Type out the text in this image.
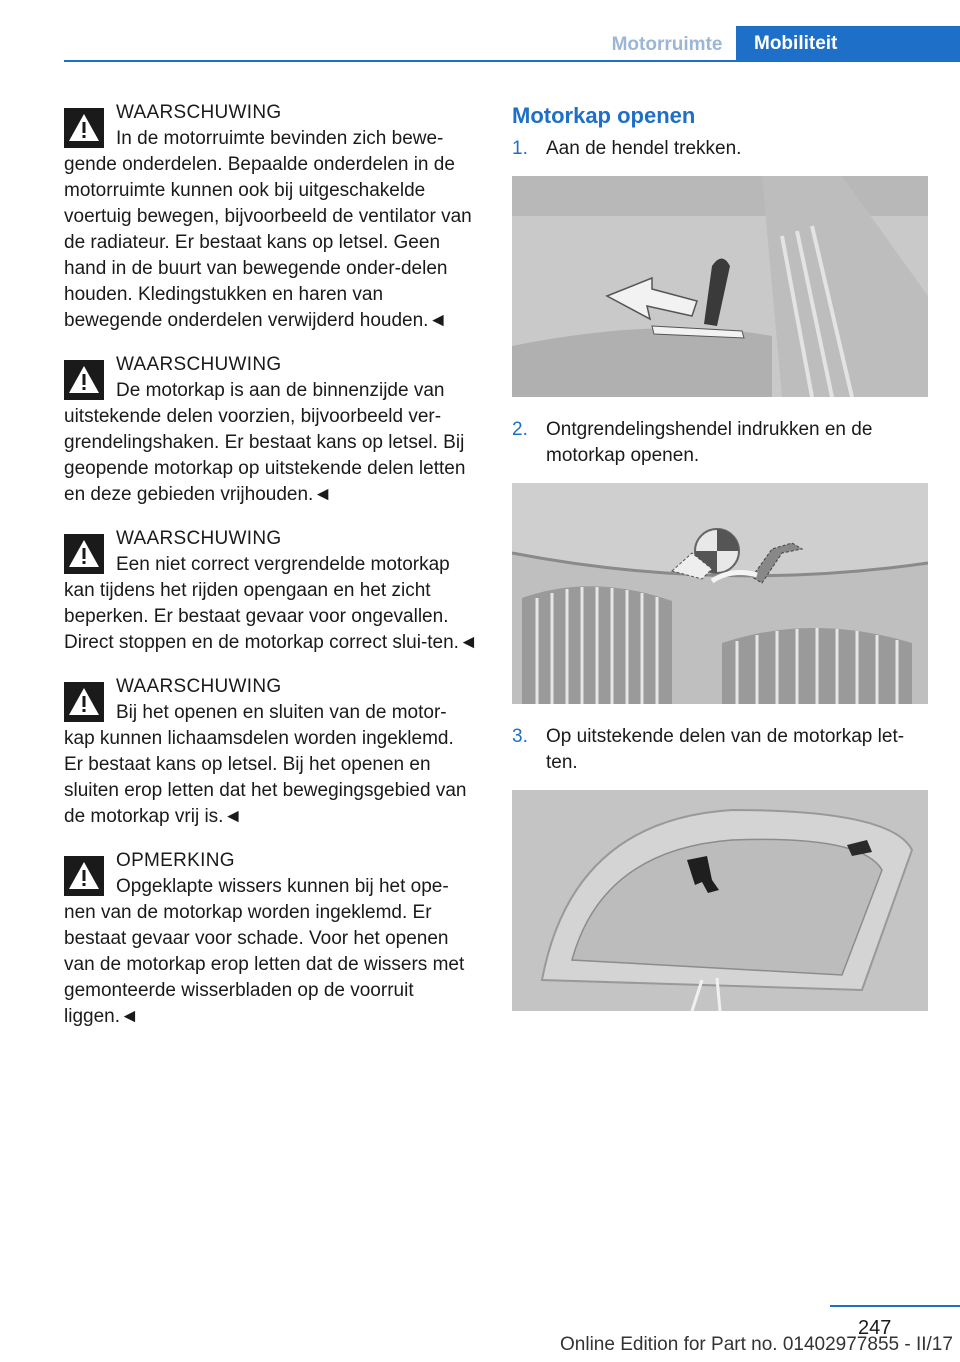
Motorruimte	Mobiliteit
WAARSCHUWING
In de motorruimte bevinden zich bewe- gende onderdelen. Bepaalde onderdelen in de motorruimte kunnen ook bij uitgeschakelde voertuig bewegen, bijvoorbeeld de ventilator van de radiateur. Er bestaat kans op letsel. Geen hand in de buurt van bewegende onder-delen houden. Kledingstukken en haren van bewegende onderdelen verwijderd houden.◄
WAARSCHUWING
De motorkap is aan de binnenzijde van uitstekende delen voorzien, bijvoorbeeld ver-grendelingshaken. Er bestaat kans op letsel. Bij geopende motorkap op uitstekende delen letten en deze gebieden vrijhouden.◄
WAARSCHUWING
Een niet correct vergrendelde motorkap kan tijdens het rijden opengaan en het zicht beperken. Er bestaat gevaar voor ongevallen. Direct stoppen en de motorkap correct slui-ten.◄
WAARSCHUWING
Bij het openen en sluiten van de motor- kap kunnen lichaamsdelen worden ingeklemd. Er bestaat kans op letsel. Bij het openen en sluiten erop letten dat het bewegingsgebied van de motorkap vrij is.◄
OPMERKING
Opgeklapte wissers kunnen bij het ope- nen van de motorkap worden ingeklemd. Er bestaat gevaar voor schade. Voor het openen van de motorkap erop letten dat de wissers met gemonteerde wisserbladen op de voorruit liggen.◄
Motorkap openen
1. Aan de hendel trekken.
2. Ontgrendelingshendel indrukken en de motorkap openen.
3. Op uitstekende delen van de motorkap let-ten.
247
Online Edition for Part no. 01402977855 - II/17
